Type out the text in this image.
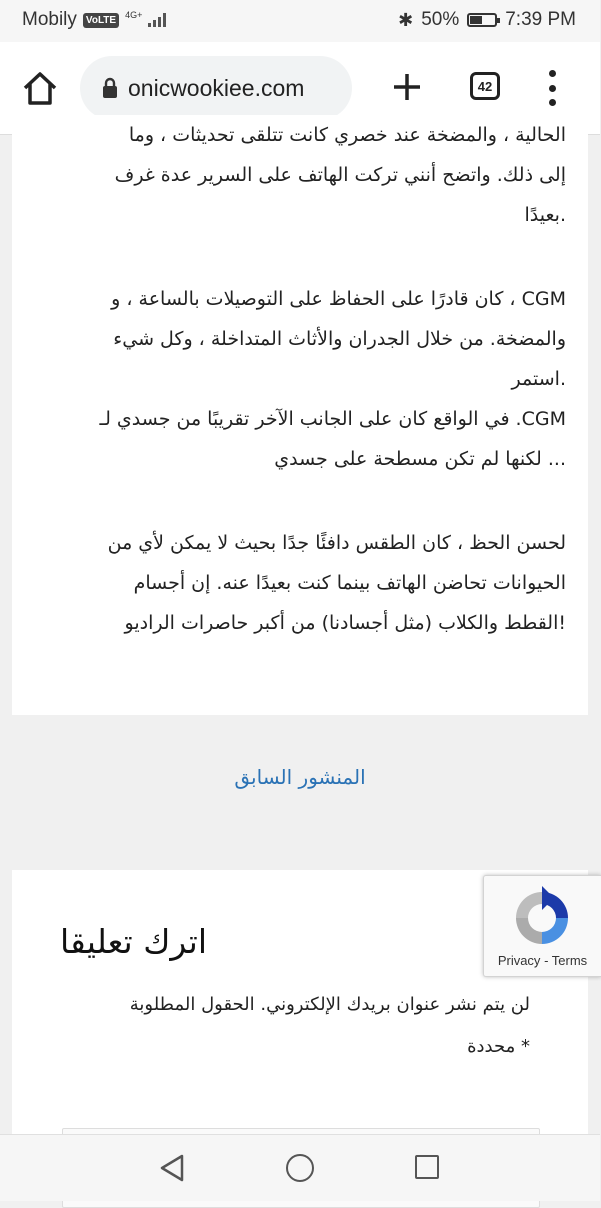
Mobily VoLTE	4G+	✱ 50% 7:39 PM
onicwookiee.com	42

الحالية ، والمضخة عند خصري كانت تتلقى تحديثات ، وما
إلى ذلك. واتضح أنني تركت الهاتف على السرير عدة غرف
.بعيدًا

CGM ، كان قادرًا على الحفاظ على التوصيلات بالساعة ، و
والمضخة. من خلال الجدران والأثاث المتداخلة ، وكل شيء
.استمر
CGM. في الواقع كان على الجانب الآخر تقريبًا من جسدي لـ
... لكنها لم تكن مسطحة على جسدي

لحسن الحظ ، كان الطقس دافئًا جدًا بحيث لا يمكن لأي من
الحيوانات تحاضن الهاتف بينما كنت بعيدًا عنه. إن أجسام
!القطط والكلاب (مثل أجسادنا) من أكبر حاصرات الراديو

المنشور السابق
اترك تعليقا
لن يتم نشر عنوان بريدك الإلكتروني. الحقول المطلوبة
* محددة
Privacy - Terms
